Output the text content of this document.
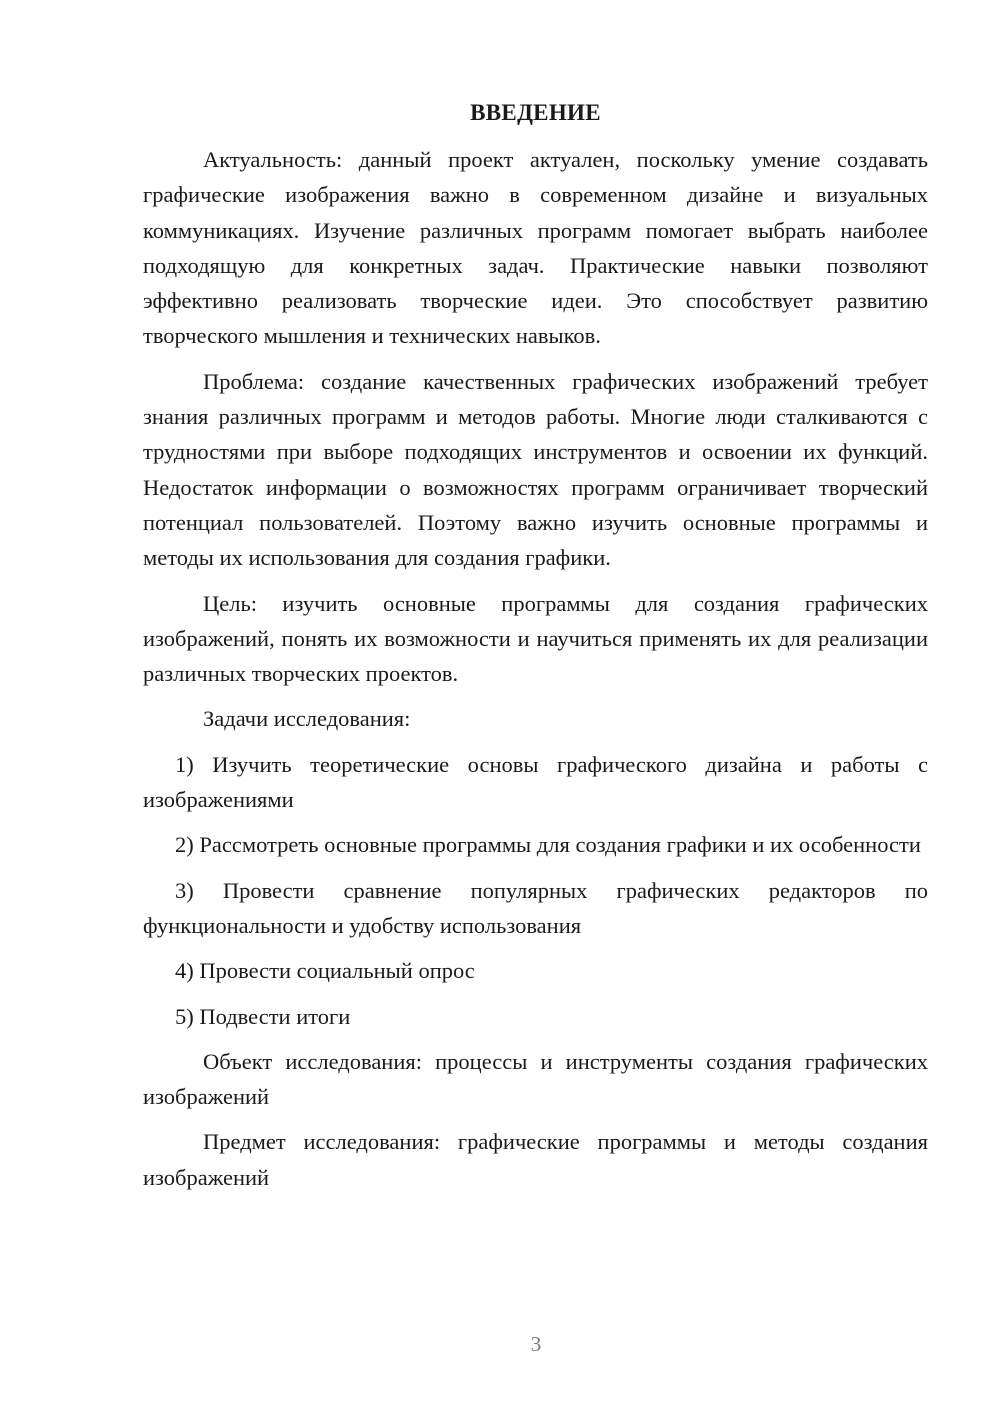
ВВЕДЕНИЕ

Актуальность: данный проект актуален, поскольку умение создавать графические изображения важно в современном дизайне и визуальных коммуникациях. Изучение различных программ помогает выбрать наиболее подходящую для конкретных задач. Практические навыки позволяют эффективно реализовать творческие идеи. Это способствует развитию творческого мышления и технических навыков.

Проблема: создание качественных графических изображений требует знания различных программ и методов работы. Многие люди сталкиваются с трудностями при выборе подходящих инструментов и освоении их функций. Недостаток информации о возможностях программ ограничивает творческий потенциал пользователей. Поэтому важно изучить основные программы и методы их использования для создания графики.

Цель: изучить основные программы для создания графических изображений, понять их возможности и научиться применять их для реализации различных творческих проектов.

Задачи исследования:

1) Изучить теоретические основы графического дизайна и работы с изображениями

2) Рассмотреть основные программы для создания графики и их особенности

3) Провести сравнение популярных графических редакторов по функциональности и удобству использования

4) Провести социальный опрос

5) Подвести итоги

Объект исследования: процессы и инструменты создания графических изображений

Предмет исследования: графические программы и методы создания изображений

3
